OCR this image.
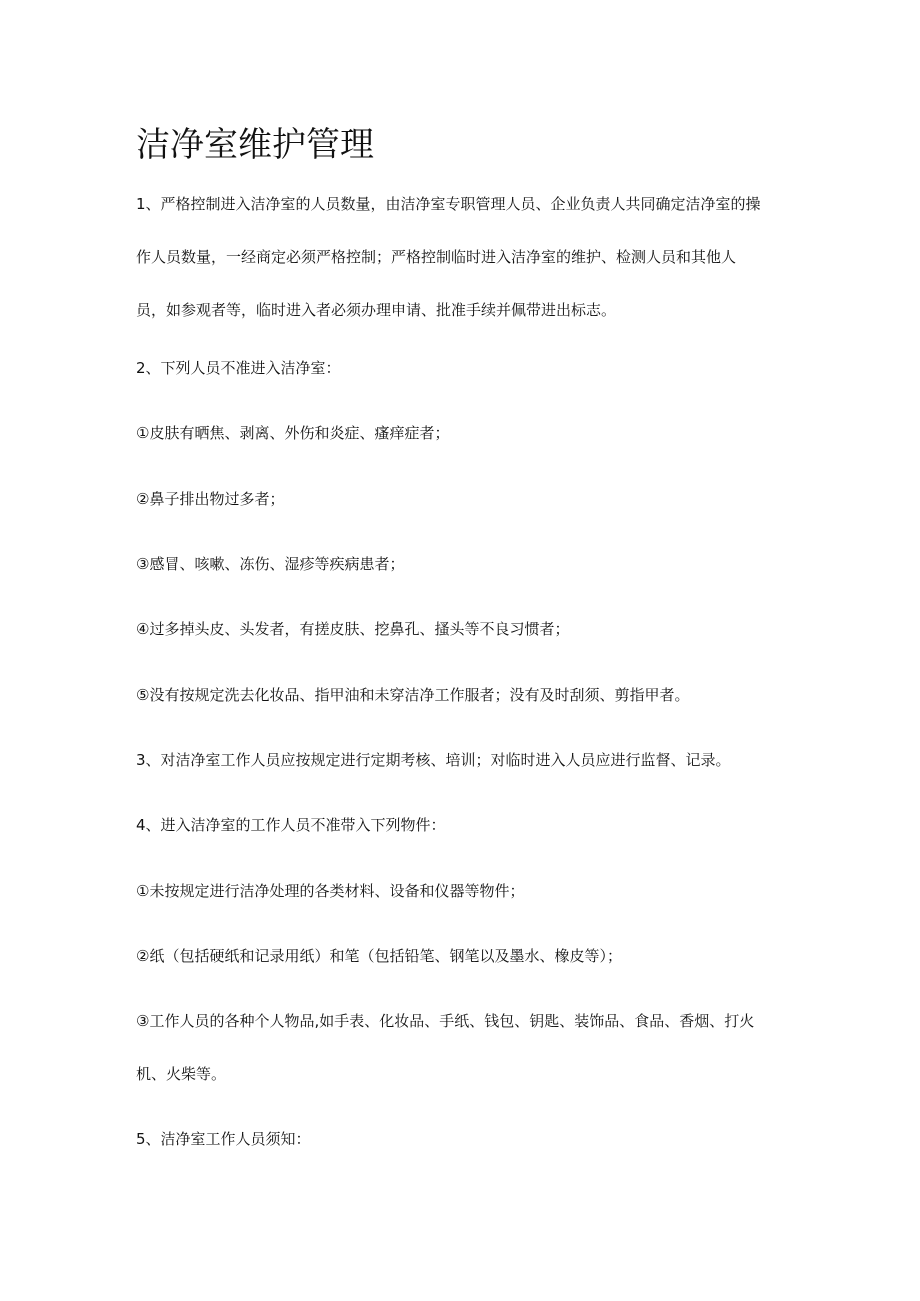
洁净室维护管理

1、严格控制进入洁净室的人员数量，由洁净室专职管理人员、企业负责人共同确定洁净室的操
作人员数量，一经商定必须严格控制；严格控制临时进入洁净室的维护、检测人员和其他人
员，如参观者等，临时进入者必须办理申请、批准手续并佩带进出标志。

2、下列人员不准进入洁净室：

①皮肤有晒焦、剥离、外伤和炎症、瘙痒症者；

②鼻子排出物过多者；

③感冒、咳嗽、冻伤、湿疹等疾病患者；

④过多掉头皮、头发者，有搓皮肤、挖鼻孔、搔头等不良习惯者；

⑤没有按规定洗去化妆品、指甲油和未穿洁净工作服者；没有及时刮须、剪指甲者。

3、对洁净室工作人员应按规定进行定期考核、培训；对临时进入人员应进行监督、记录。

4、进入洁净室的工作人员不准带入下列物件：

①未按规定进行洁净处理的各类材料、设备和仪器等物件；

②纸（包括硬纸和记录用纸）和笔（包括铅笔、钢笔以及墨水、橡皮等）；

③工作人员的各种个人物品,如手表、化妆品、手纸、钱包、钥匙、装饰品、食品、香烟、打火
机、火柴等。

5、洁净室工作人员须知：
